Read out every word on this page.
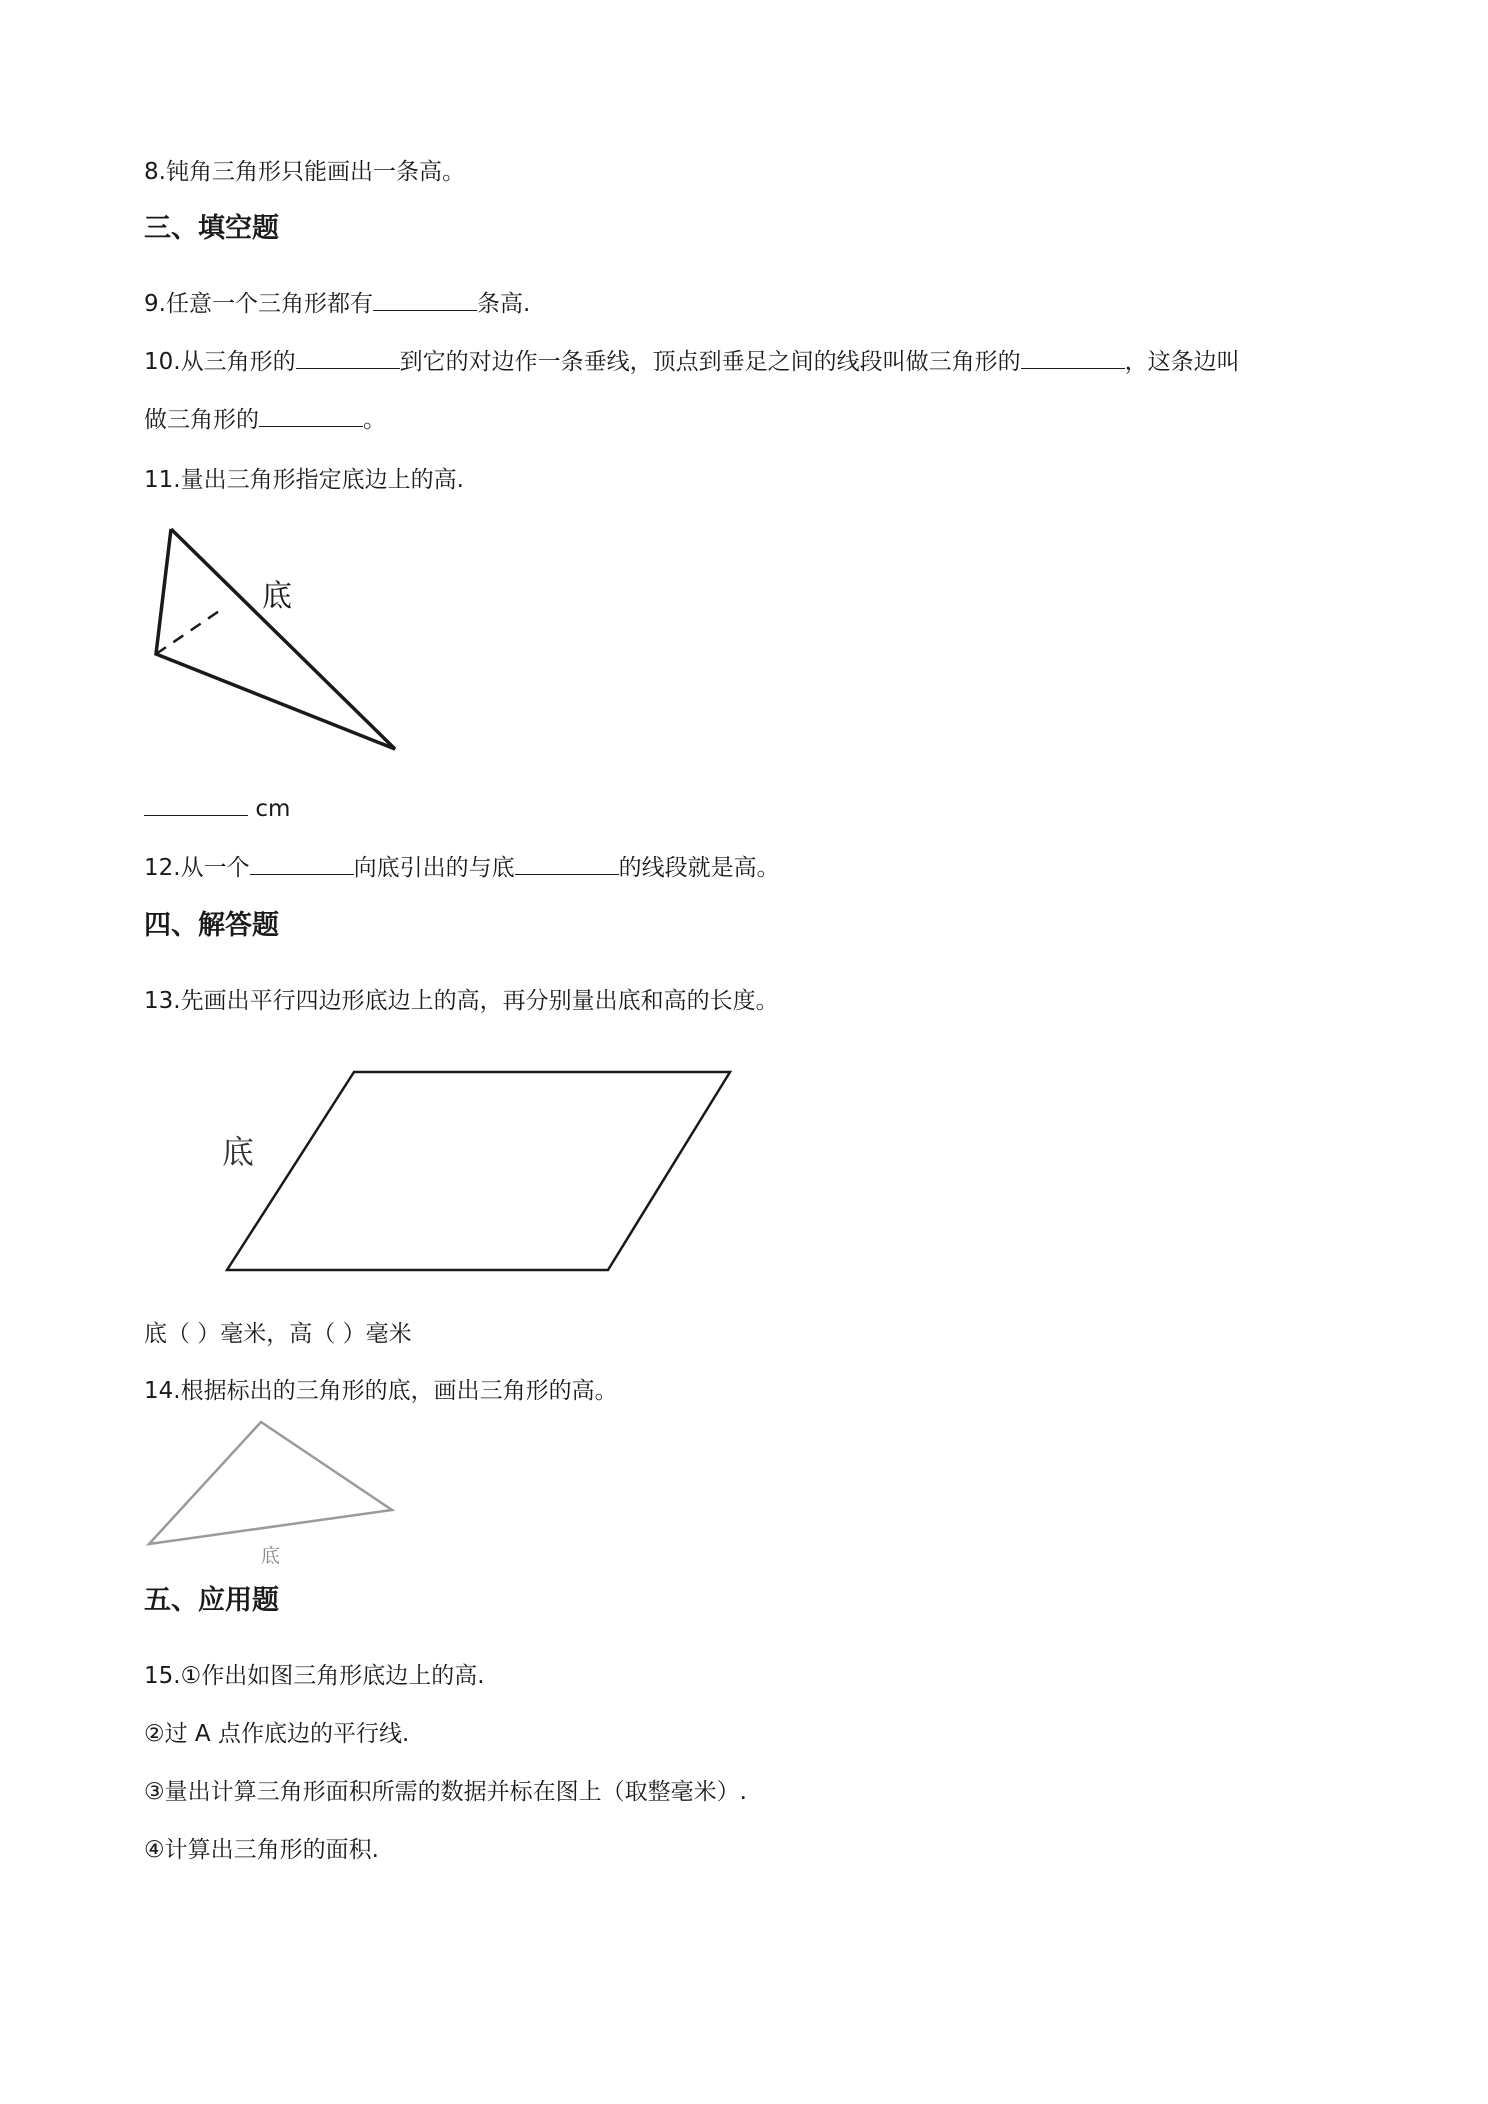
8.钝角三角形只能画出一条高。
三、填空题
9.任意一个三角形都有	条高.
10.从三角形的	到它的对边作一条垂线，顶点到垂足之间的线段叫做三角形的	，这条边叫
做三角形的	。
11.量出三角形指定底边上的高.
底
cm
12.从一个	向底引出的与底	的线段就是高。
四、解答题
13.先画出平行四边形底边上的高，再分别量出底和高的长度。
底
底（ ）毫米，高（ ）毫米
14.根据标出的三角形的底，画出三角形的高。
底
五、应用题
15.①作出如图三角形底边上的高.
②过 A 点作底边的平行线.
③量出计算三角形面积所需的数据并标在图上（取整毫米）.
④计算出三角形的面积.
